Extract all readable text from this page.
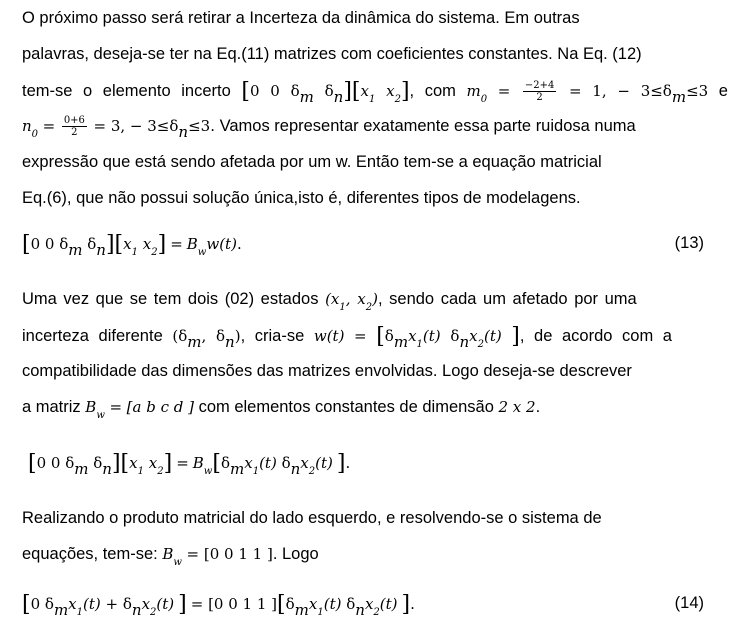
O próximo passo será retirar a Incerteza da dinâmica do sistema. Em outras
palavras, deseja-se ter na Eq.(11) matrizes com coeficientes constantes. Na Eq. (12)
tem-se o elemento incerto [0 0 $\delta_m$ $\delta_n][x_1$ $x_2$], com $m_0 = \frac{-2+4}{2} = 1$, − $3\le\delta_m\le 3$ e
$n_0 = \frac{0+6}{2} = 3$, − $3\le\delta_n\le 3$. Vamos representar exatamente essa parte ruidosa numa
expressão que está sendo afetada por um w. Então tem-se a equação matricial
Eq.(6), que não possui solução única,isto é, diferentes tipos de modelagens.
[0 0 $\delta_m$ $\delta_n][x_1$ $x_2] = B_ww(t)$.	(13)
Uma vez que se tem dois (02) estados ($x_1$, $x_2$), sendo cada um afetado por uma
incerteza diferente ($\delta_m$, $\delta_n$), cria-se $w(t) = [\delta_mx_1(t)$ $\delta_nx_2(t)$ ], de acordo com a
compatibilidade das dimensões das matrizes envolvidas. Logo deseja-se descrever
a matriz $B_w = [a$ b c d ] com elementos constantes de dimensão 2 x 2.
[0 0 $\delta_m$ $\delta_n][x_1$ $x_2] = B_w[\delta_mx_1(t)$ $\delta_nx_2(t)$ ].
Realizando o produto matricial do lado esquerdo, e resolvendo-se o sistema de
equações, tem-se: $B_w = [0$ 0 1 1 ]. Logo
[0 $\delta_mx_1(t) + \delta_nx_2(t)$ ] = [0 0 1 1 ][$\delta_mx_1(t)$ $\delta_nx_2(t)$ ].	(14)
